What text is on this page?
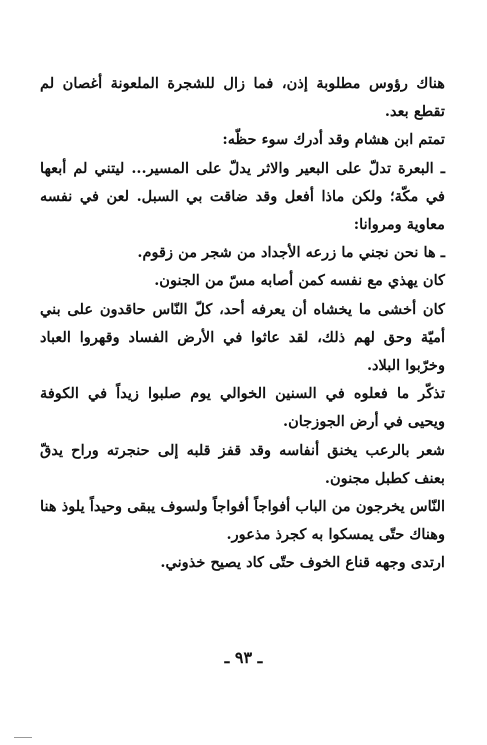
هناك رؤوس مطلوبة إذن، فما زال للشجرة الملعونة أغصان لم تقطع بعد.

تمتم ابن هشام وقد أدرك سوء حظّه:

ـ البعرة تدلّ على البعير والاثر يدلّ على المسير... ليتني لم أبعها في مكّة؛ ولكن ماذا أفعل وقد ضاقت بي السبل. لعن في نفسه معاوية ومروانا:

ـ ها نحن نجني ما زرعه الأجداد من شجر من زقوم.

كان يهذي مع نفسه كمن أصابه مسّ من الجنون.

كان أخشى ما يخشاه أن يعرفه أحد، كلّ النّاس حاقدون على بني أميّة وحق لهم ذلك، لقد عاثوا في الأرض الفساد وقهروا العباد وخرّبوا البلاد.

تذكّر ما فعلوه في السنين الخوالي يوم صلبوا زيداً في الكوفة ويحيى في أرض الجوزجان.

شعر بالرعب يخنق أنفاسه وقد قفز قلبه إلى حنجرته وراح يدقّ بعنف كطبل مجنون.

النّاس يخرجون من الباب أفواجاً أفواجاً ولسوف يبقى وحيداً يلوذ هنا وهناك حتّى يمسكوا به كجرذ مذعور.

ارتدى وجهه قناع الخوف حتّى كاد يصيح خذوني.

ـ ٩٣ ـ
